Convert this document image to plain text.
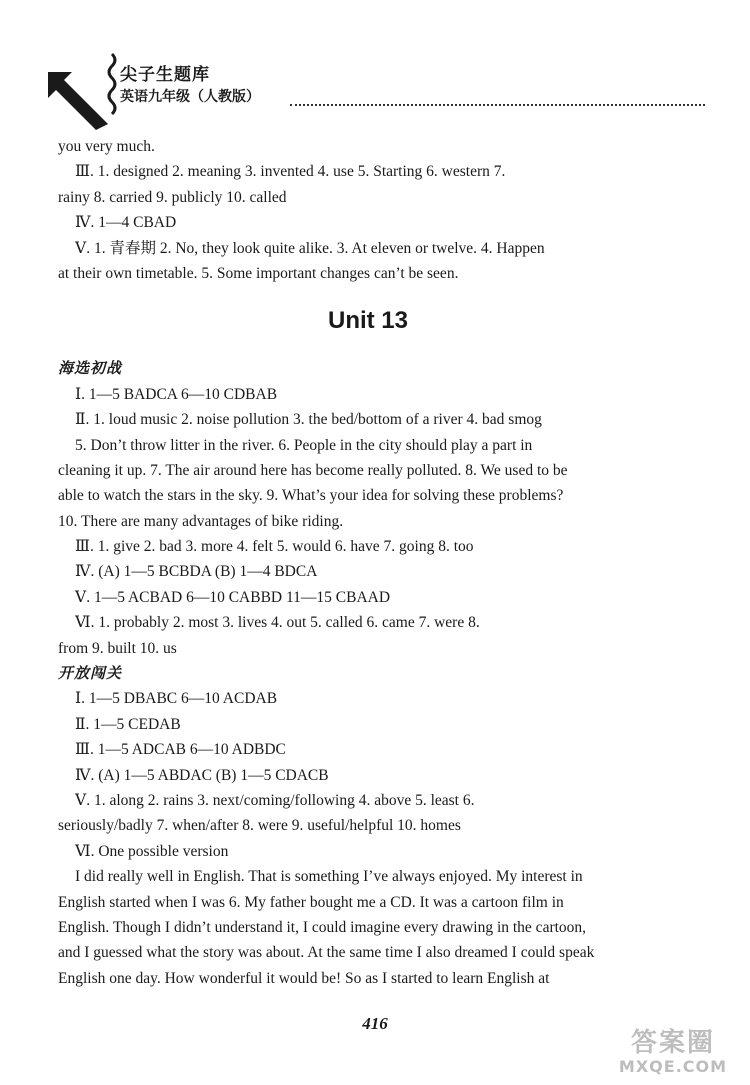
尖子生题库
英语九年级（人教版）
you very much.
Ⅲ. 1. designed 2. meaning 3. invented 4. use 5. Starting 6. western 7.
rainy 8. carried 9. publicly 10. called
Ⅳ. 1—4 CBAD
Ⅴ. 1. 青春期 2. No, they look quite alike. 3. At eleven or twelve. 4. Happen
at their own timetable. 5. Some important changes can’t be seen.
Unit 13
海选初战
Ⅰ. 1—5 BADCA 6—10 CDBAB
Ⅱ. 1. loud music 2. noise pollution 3. the bed/bottom of a river 4. bad smog
5. Don’t throw litter in the river. 6. People in the city should play a part in
cleaning it up. 7. The air around here has become really polluted. 8. We used to be
able to watch the stars in the sky. 9. What’s your idea for solving these problems?
10. There are many advantages of bike riding.
Ⅲ. 1. give 2. bad 3. more 4. felt 5. would 6. have 7. going 8. too
Ⅳ. (A) 1—5 BCBDA (B) 1—4 BDCA
Ⅴ. 1—5 ACBAD 6—10 CABBD 11—15 CBAAD
Ⅵ. 1. probably 2. most 3. lives 4. out 5. called 6. came 7. were 8.
from 9. built 10. us
开放闯关
Ⅰ. 1—5 DBABC 6—10 ACDAB
Ⅱ. 1—5 CEDAB
Ⅲ. 1—5 ADCAB 6—10 ADBDC
Ⅳ. (A) 1—5 ABDAC (B) 1—5 CDACB
Ⅴ. 1. along 2. rains 3. next/coming/following 4. above 5. least 6.
seriously/badly 7. when/after 8. were 9. useful/helpful 10. homes
Ⅵ. One possible version
I did really well in English. That is something I’ve always enjoyed. My interest in
English started when I was 6. My father bought me a CD. It was a cartoon film in
English. Though I didn’t understand it, I could imagine every drawing in the cartoon,
and I guessed what the story was about. At the same time I also dreamed I could speak
English one day. How wonderful it would be! So as I started to learn English at
416
答案圈
MXQE.COM
